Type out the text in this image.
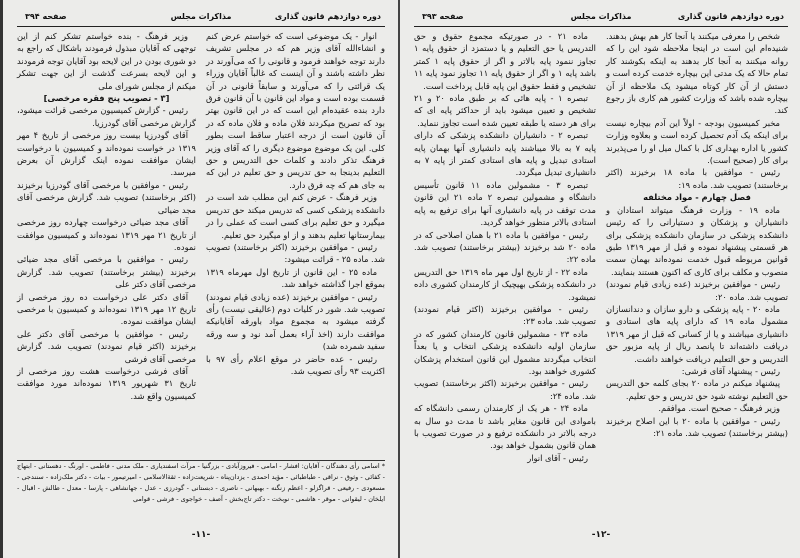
دوره دوازدهم قانون گذاری
مذاکرات مجلس
صفحه ۳۹۴

انوار - یک موضوعی است که خواستم عرض کنم و انشاءالله آقای وزیر هم که در مجلس تشریف دارند توجه خواهند فرمود و قانونی را که می‌آورند در نظر داشته باشند و آن اینست که غالباً آقایان وزراء یک قرائتی را که می‌آورند و سابقاً قانونی در آن قسمت بوده است و مواد این قانون با آن قانون فرق دارد بنده عقیده‌ام این است که در این قانون بهتر بود که تصریح میکردند فلان ماده و فلان ماده که در آن قانون است از درجه اعتبار ساقط است بطور کلی. این یک موضوع موضوع دیگری را که آقای وزیر فرهنگ تذکر دادند و کلمات حق التدریس و حق التعلیم بدینجا به حق تدریس و حق تعلیم در این که به جای هم که چه فرق دارد.

وزیر فرهنگ - عرض کنم این مطلب شد است در دانشکده پزشکی کسی که تدریس میکند حق تدریس میگیرد و حق تعلیم برای کسی است که عملی را در بیمارستانها تعلیم بدهند و از او میگیرد حق تعلیم.

رئیس - موافقین برخیزند (اکثر برخاستند) تصویب شد. ماده ۲۵ - قرائت میشود:

ماده ۲۵ - این قانون از تاریخ اول مهرماه ۱۳۱۹ بموقع اجرا گذاشته خواهد شد.

رئیس - موافقین برخیزند (عده زیادی قیام نمودند) تصویب شد. شور در کلیات دوم (عالیقی نیست) رأی گرفته میشود به مجموع مواد باورقه آقایانیکه موافقت دارند (اخذ آراء بعمل آمد نود و سه ورقه سفید شمرده شد)

رئیس - عده حاضر در موقع اعلام رأی ۹۷ با اکثریت ۹۳ رأی تصویب شد.

وزیر فرهنگ - بنده خواستم تشکر کنم از این توجهی که آقایان مبذول فرمودند باشکال که راجع به دو شوری بودن در این لایحه بود آقایان توجه فرمودند و این لایحه بسرعت گذشت از این جهت تشکر میکنم از مجلس شورای ملی

[۳ - تصویب پنج فقره مرخصی]

رئیس - گزارش کمیسیون مرخصی قرائت میشود، گزارش مرخصی آقای گودرزیا.

آقای گودرزیا بیست روز مرخصی از تاریخ ۴ مهر ۱۳۱۹ در خواست نموده‌اند و کمیسیون با درخواست ایشان موافقت نموده اینک گزارش آن بعرض میرسد.

رئیس - موافقین با مرخصی آقای گودرزیا برخیزند (اکثر برخاستند) تصویب شد. گزارش مرخصی آقای مجد ضیائی

آقای مجد ضیائی درخواست چهارده روز مرخصی از تاریخ ۲۱ مهر ۱۳۱۹ نموده‌اند و کمیسیون موافقت نموده.

رئیس - موافقین با مرخصی آقای مجد ضیائی برخیزند (بیشتر برخاستند) تصویب شد. گزارش مرخصی آقای دکتر علی

آقای دکتر علی درخواست ده روز مرخصی از تاریخ ۱۲ مهر ۱۳۱۹ نموده‌اند و کمیسیون با مرخصی ایشان موافقت نموده.

رئیس - موافقین با مرخصی آقای دکتر علی برخیزند (اکثر قیام نمودند) تصویب شد. گزارش مرخصی آقای فرشی

آقای فرشی درخواست هشت روز مرخصی از تاریخ ۳۱ شهریور ۱۳۱۹ نموده‌اند مورد موافقت کمیسیون واقع شد.

* اسامی رأی دهندگان - آقایان: افشار - امامی - فیروزآبادی - بزرگنیا - مرآت اسفندیاری - ملک مدنی - فاطمی - اورنگ - دهستانی - ابتهاج - کفائی - وثوق - نراقی - طباطبائی - مؤید احمدی - یزدان‌پناه - شریعت‌زاده - ثقة‌الاسلامی - امیرتیمور - بیات - دکتر ملک‌زاده - سنندجی - مسعودی - رفیعی - قراگزلو - اعظم زنگنه - بهبهانی - ناصری - دبستانی - گودرزی - عدل - جهانشاهی - پارسا - معدل - طالش - اقبال - ایلخان - لیقوانی - موقر - هاشمی - نوبخت - دکتر تاج‌بخش - آصف - خواجوی - فرشی - قوامی
-۱۱-
دوره دوازدهم قانون گذاری
مذاکرات مجلس
صفحه ۳۹۳

شخص را معرفی میکنند یا آنجا کار هم بهش بدهند. شنیده‌ام این است در اینجا ملاحظه شود این را که روانه میکنند به آنجا کار بدهند به اینکه بکوشند کار تمام حالا که یک مدتی این بیچاره خدمت کرده است و دستش از آن کار کوتاه میشود یک ملاحظه از آن بیچاره شده باشد که وزارت کشور هم کاری باز رجوع کند.

مخبر کمیسیون بودجه - اولاً این آدم بیچاره نیست برای اینکه یک آدم تحصیل کرده است و بعلاوه وزارت کشور یا اداره بهداری کل با کمال میل او را می‌پذیرند برای کار (صحیح است).

رئیس - موافقین با ماده ۱۸ برخیزند (اکثر برخاستند) تصویب شد. ماده ۱۹:

فصل چهارم - مواد مختلفه

ماده ۱۹ - وزارت فرهنگ میتواند استادان و دانشیاران و پزشکان و دستیارانی را که رئیس دانشکده پزشکی در سازمان دانشکده پزشکی برای هر قسمتی پیشنهاد نموده و قبل از مهر ۱۳۱۹ طبق قوانین مربوطه قبول خدمت نموده‌اند بهمان سمت منصوب و مکلف برای کاری که اکنون هستند بنمایند.

رئیس - موافقین برخیزند (عده زیادی قیام نمودند) تصویب شد. ماده ۲۰:

ماده ۲۰ - پایه پزشکی و دارو سازان و دندانسازان مشمول ماده ۱۹ که دارای پایه های استادی و دانشیاری میباشند و یا از کسانی که قبل از مهر ۱۳۱۹ دریافت داشته‌اند تا پانصد ریال از پایه مزبور حق التدریس و حق التعلیم دریافت خواهند داشت.

رئیس - پیشنهاد آقای فرشی:

پیشنهاد میکنم در ماده ۲۰ بجای کلمه حق التدریس حق التعلیم نوشته شود حق تدریس و حق تعلیم.

وزیر فرهنگ - صحیح است. موافقم.

رئیس - موافقین با ماده ۲۰ با این اصلاح برخیزند (بیشتر برخاستند) تصویب شد. ماده ۲۱:

ماده ۲۱ - در صورتیکه مجموع حقوق و حق التدریس یا حق التعلیم و یا دستمزد از حقوق پایه ۱ تجاوز ننمود پایه بالاتر و اگر از حقوق پایه ۱ کمتر باشد پایه ۱ و اگر از حقوق پایه ۱۱ تجاوز نمود پایه ۱۱ تشخیص و فقط حقوق این پایه قابل پرداخت است.

تبصره ۱ - پایه هائی که بر طبق ماده ۲۰ و ۲۱ تشخیص و تعیین میشود باید از حداکثر پایه ای که برای هر دسته یا طبقه تعیین شده است تجاوز ننماید.

تبصره ۲ - دانشیاران دانشکده پزشکی که دارای پایه ۷ به بالا میباشند پایه دانشیاری آنها بهمان پایه استادی تبدیل و پایه های استادی کمتر از پایه ۷ به دانشیاری تبدیل میگردد.

تبصره ۳ - مشمولین ماده ۱۱ قانون تأسیس دانشگاه و مشمولین تبصره ۲ ماده ۲۱ این قانون مدت توقف در پایه دانشیاری آنها برای ترفیع به پایه استادی بالاتر منظور خواهد گردید.

رئیس - موافقین با ماده ۲۱ با همان اصلاحی که در ماده ۲۰ شد برخیزند (بیشتر برخاستند) تصویب شد. ماده ۲۲:

ماده ۲۲ - از تاریخ اول مهر ماه ۱۳۱۹ حق التدریس در دانشکده پزشکی بهیچیک از کارمندان کشوری داده نمیشود.

رئیس - موافقین برخیزند (اکثر قیام نمودند) تصویب شد. ماده ۲۳:

ماده ۲۳ - مشمولین قانون کارمندان کشور که در سازمان اولیه دانشکده پزشکی انتخاب و یا بعداً انتخاب میگردند مشمول این قانون استخدام پزشکان کشوری خواهند بود.

رئیس - موافقین برخیزند (اکثر برخاستند) تصویب شد. ماده ۲۴:

ماده ۲۴ - هر یک از کارمندان رسمی دانشگاه که باموادی این قانون مغایر باشد تا مدت دو سال به درجه بالاتر در دانشکده ترفیع و در صورت تصویب با همان قانون بشمول خواهد بود.

رئیس - آقای انوار

-۱۲-
